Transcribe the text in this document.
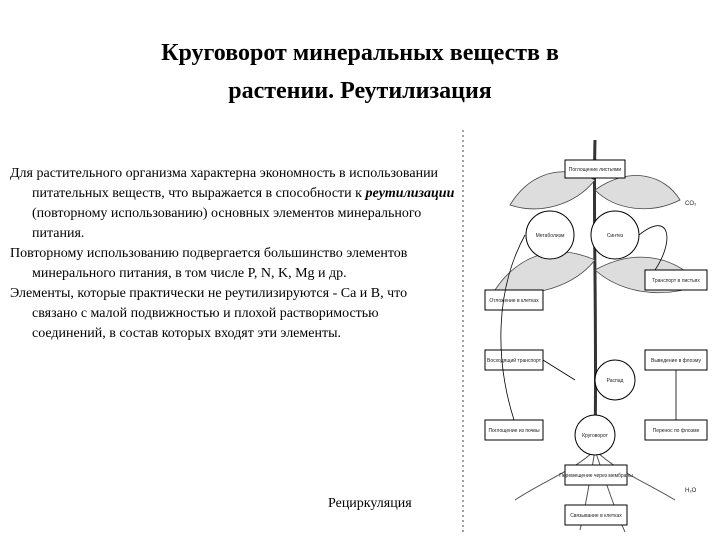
Круговорот минеральных веществ в
растении. Реутилизация

Для растительного организма характерна экономность в использовании питательных веществ, что выражается в способности к реутилизации (повторному использованию) основных элементов минерального питания.

Повторному использованию подвергается большинство элементов минерального питания, в том числе P, N, K, Mg и др.

Элементы, которые практически не реутилизируются - Ca и B, что связано с малой подвижностью и плохой растворимостью соединений, в состав которых входят эти элементы.

Рециркуляция
Метаболизм	Синтез
Круговорот
Распад
Поглощение листьями
Транспорт в листьях
Выведение в флоэму
Восходящий транспорт
Поглощение из почвы	Перенос по флоэме
Отложение в клетках
Перемещение через мембраны
Связывание в клетках
CO₂
H₂O
